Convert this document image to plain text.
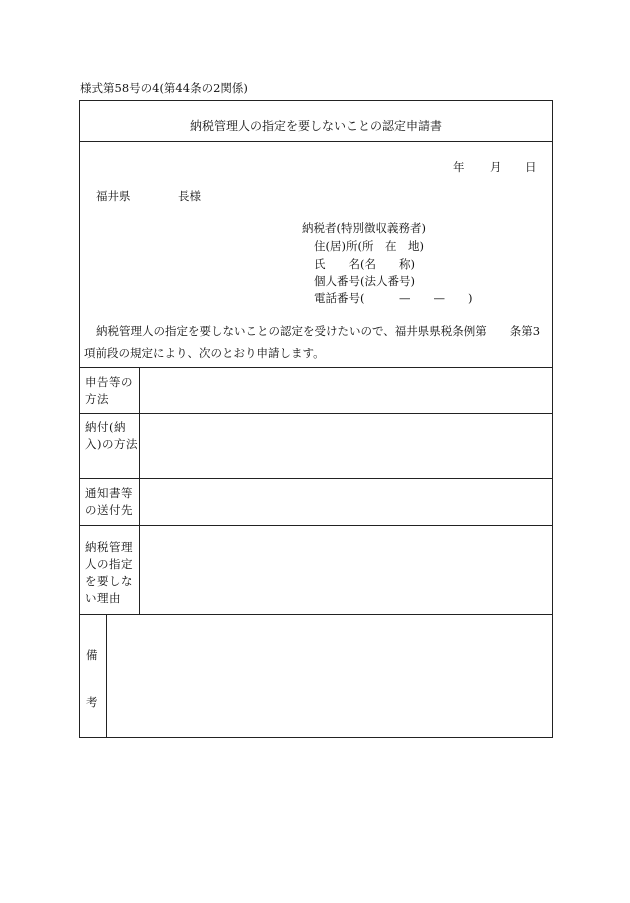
様式第58号の4(第44条の2関係)
納税管理人の指定を要しないことの認定申請書
年 月 日
福井県	長様
納税者(特別徴収義務者)
住(居)所(所　在　地)
氏　　名(名　　称)
個人番号(法人番号)
電話番号(　　　—　　—　　)
納税管理人の指定を要しないことの認定を受けたいので、福井県県税条例第　　条第3
項前段の規定により、次のとおり申請します。
申告等の方法
納付(納入)の方法
通知書等の送付先
納税管理人の指定を要しない理由
備
考
